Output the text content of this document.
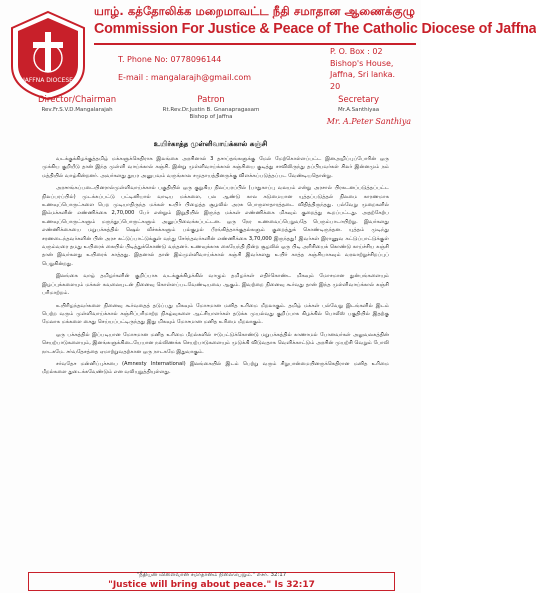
JAFFNA DIOCESE
யாழ். கத்தோலிக்க மறைமாவட்ட நீதி சமாதான ஆணைக்குழு
Commission For Justice & Peace of The Catholic Diocese of Jaffna
T. Phone No: 0778096144
E-mail : mangalarajh@gmail.com
P. O. Box : 02
Bishop's House,
Jaffna, Sri lanka.
20
Director/Chairman
Rev.Fr.S.V.D.Mangalarajah
Patron
Rt.Rev.Dr.Justin B. Gnanapragasam
Bishop of Jaffna
Secretary
Mr.A.Santhiyaa
Mr. A.Peter Santhiya
உயிர்காத்த முள்ளிவாய்க்கால் கஞ்சி

வடக்குக்கிழக்குத்தமிழ் மக்களுக்கெதிராக இலங்கை அரசினால் 3 தசாப்தங்களுக்கு மேல் மேற்கொள்ளப்பட்ட இனஅழிப்புப்போரின் ஒரு முக்கிய குறியீடு தான் இந்த முள்ளி வாய்க்கால் கஞ்சி. இன்று முள்ளிவாய்க்கால் கஞ்சியை குடித்து சாவிலிருந்து தப்பியவர்கள் சிலர் இன்னமும் நம் மத்தியில் வாழ்கின்றனர். அவர்களது துயர அனுபவம் வருங்கால சமுதாயத்தினருக்கு விளக்கப்படுத்தப்பட வேண்டியதொன்று.

அரசாங்கப்படையினரால்முள்ளிவாய்க்கால் பகுதியில் ஒரு குறுகிய நிலப்பரப்பில் (பாதுகாப்பு வலயம் என்று அரசால் பிரகடனப்படுத்தப்பட்ட நிலப்பரப்பில்) முடக்கப்பட்டு பட்டினியால் வாடிய மக்களை, பல ஆண்டு கால கடுமையான யுத்தப்படுத்தல் நிலமை காரணமாக உணவுப்பொருட்களை பெற முடியாதிருந்த மக்கள் உயிர் பிழைத்த சூழலில் அரசு பொருளாதாரத்தடை விதித்திருந்தது. பல்வேறு முறைகளில் இம்மக்களின் எண்ணிக்கை 2,70,000 பேர் என்றும் இறுதியில் இருந்த மக்கள் எண்ணிக்கை மிகவும் குறைத்து கூறப்பட்டது. அதற்கேற்ப உணவுப்பொருட்களும் மருந்துப்பொருட்களும் அனுப்பிவைக்கப்பட்டன. ஒரு நேர உணவைப்பெறுவதே பெரும்பாடாயிற்று. இவர்களது எண்ணிக்கையை மறுபக்கத்தில் ஷெல் வீச்சுக்களும் பல்குழல் பீரங்கித்தாக்குதல்களும் குறைத்துக் கொண்டிருந்தன. யுத்தம் முடிந்து சரணடைந்தவர்களின் பின் அரச கட்டுப்பாட்டுக்குள் வந்து சேர்ந்தவர்களின் எண்ணிக்கை 3,70,000 இருந்தது! இவர்கள் இராணுவ கட்டுப்பாட்டுக்குள் வரும்வரை தமது உயிரைக் கையில் பிடித்துக்கொண்டு வந்தனர். உணவுக்காக கையேந்தி நின்ற சூழலில் ஒரு பிடி அரிசியைக் கொண்டு காய்ச்சிய கஞ்சி தான் இவர்களது உயிரைக் காத்தது. இதனால் தான் இம்முள்ளிவாய்க்கால் கஞ்சி இவர்களது உயிர் காத்த கஞ்சியாகவும் வரலாற்றுச்சிறப்புப் பெறுகின்றது.

இலங்கை வாழ் தமிழர்களின் குறிப்பாக வடக்குக்கிழக்கில் வாழும் தமிழர்கள் எதிர்கொண்ட மிகவும் மோசமான துன்பங்களையும் இழப்புக்களையும் மக்கள் கவலையுடன் நினைவு கொள்ளப்படவேண்டியவை ஆகும். இவற்றை நினைவு கூர்வது தான் இந்த முள்ளிவாய்க்கால் கஞ்சி பரிமாற்றம்.

உயிரிழந்தவர்களை நினைவு கூர்வதைத் தடுப்பது மிகவும் மோசமான மனித உரிமை மீறலாகும். தமிழ் மக்கள் பல்வேறு இடங்களில் இடம் பெற்ற வரும் முள்ளிவாய்க்கால் கஞ்சிப்பரிமாற்ற நிகழ்வுகளை ஆட்சியாளர்கள் தடுக்க முயல்வது குறிப்பாக கிழக்கில் பொலீஸ் பகுதியில் இதற்கு மேலாக மக்களை கைது செய்யப்பட்டிருந்தது இது மிகவும் மோசமான மனித உரிமை மீறலாகும்.

ஒரு பக்கத்தில் இப்படியான மோசமான மனித உரிமை மீறல்களில் ஈடுபட்டுக்கொண்டு மறுபக்கத்தில் காணாமல் போனவர்கள் அலுவலகத்தின் செயற்பாடுகளையும், இனங்களுக்கிடையேயான நல்லிணக்க செயற்பாடுகளையும் முடுக்கி விடுவதாக வெளிக்காட்டும் அரசின் முயற்சி வெறும் போலி நாடகமே. சர்வதேசத்தை ஏமாற்றுவதற்கான ஒரு நாடகமே இதுவாகும்.

சர்வதேச மன்னிப்புச்சபை (Amnesty International) இலங்கையில் இடம் பெற்று வரும் சிறுபான்மையினருக்கெதிரான மனித உரிமை மீறல்களை துடைக்கவேண்டும் என வலியுறுத்தியுள்ளது.

"நீதியன் விளைவான சமாதானம் நிலைபெறும்." எசா. 32:17
"Justice will bring about peace." Is 32:17
